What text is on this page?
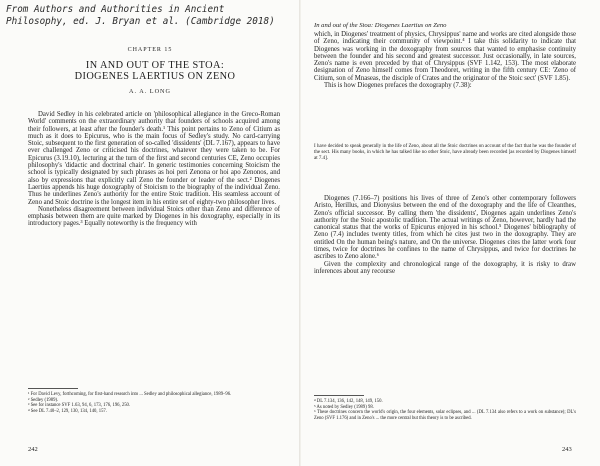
From Authors and Authorities in Ancient
Philosophy, ed. J. Bryan et al. (Cambridge 2018)
CHAPTER 15
IN AND OUT OF THE STOA: DIOGENES LAERTIUS ON ZENO
A. A. LONG

David Sedley in his celebrated article on 'philosophical allegiance in the Greco-Roman World' comments on the extraordinary authority that founders of schools acquired among their followers, at least after the founder's death.¹ This point pertains to Zeno of Citium as much as it does to Epicurus, who is the main focus of Sedley's study. No card-carrying Stoic, subsequent to the first generation of so-called 'dissidents' (DL 7.167), appears to have ever challenged Zeno or criticised his doctrines, whatever they were taken to be. For Epicurus (3.19.10), lecturing at the turn of the first and second centuries CE, Zeno occupies philosophy's 'didactic and doctrinal chair'. In generic testimonies concerning Stoicism the school is typically designated by such phrases as hoi peri Zenona or hoi apo Zenonos, and also by expressions that explicitly call Zeno the founder or leader of the sect.² Diogenes Laertius appends his huge doxography of Stoicism to the biography of the individual Zeno. Thus he underlines Zeno's authority for the entire Stoic tradition. His seamless account of Zeno and Stoic doctrine is the longest item in his entire set of eighty-two philosopher lives.

Nonetheless disagreement between individual Stoics other than Zeno and difference of emphasis between them are quite marked by Diogenes in his doxography, especially in its introductory pages.³ Equally noteworthy is the frequency with

¹ For David Levy, forthcoming, for first-hand research into ... Sedley and philosophical allegiance, 1989–96.

² Sedley (1989).

³ See for instance SVF 1.63, 94, 6, 173, 176, 196, 250.

⁴ See DL 7.40–2, 129, 130, 134, 140, 157.

242
In and out of the Stoa: Diogenes Laertius on Zeno

which, in Diogenes' treatment of physics, Chrysippus' name and works are cited alongside those of Zeno, indicating their community of viewpoint.⁴ I take this solidarity to indicate that Diogenes was working in the doxography from sources that wanted to emphasise continuity between the founder and his second and greatest successor. Just occasionally, in late sources, Zeno's name is even preceded by that of Chrysippus (SVF 1.142, 153). The most elaborate designation of Zeno himself comes from Theodoret, writing in the fifth century CE: 'Zeno of Citium, son of Mnaseas, the disciple of Crates and the originator of the Stoic sect' (SVF 1.85).

This is how Diogenes prefaces the doxography (7.38):

I have decided to speak generally in the life of Zeno, about all the Stoic doctrines on account of the fact that he was the founder of the sect. His many books, in which he has talked like no other Stoic, have already been recorded [as recorded by Diogenes himself at 7.4].

Diogenes (7.166–7) positions his lives of three of Zeno's other contemporary followers Aristo, Herillus, and Dionysius between the end of the doxography and the life of Cleanthes, Zeno's official successor. By calling them 'the dissidents', Diogenes again underlines Zeno's authority for the Stoic apostolic tradition. The actual writings of Zeno, however, hardly had the canonical status that the works of Epicurus enjoyed in his school.⁵ Diogenes' bibliography of Zeno (7.4) includes twenty titles, from which he cites just two in the doxography. They are entitled On the human being's nature, and On the universe. Diogenes cites the latter work four times, twice for doctrines he confines to the name of Chrysippus, and twice for doctrines he ascribes to Zeno alone.⁶

Given the complexity and chronological range of the doxography, it is risky to draw inferences about any recourse

⁴ DL 7.134, 136, 142, 148, 149, 150.

⁵ As noted by Sedley (1989) 98.

⁶ These doctrines concern the world's origin, the four elements, solar eclipses, and ... (DL 7.134 also refers to a work on substance); DL's Zeno (SVF 1.176) and in Zeno's ... the more central but this theory is to be ascribed.

243
